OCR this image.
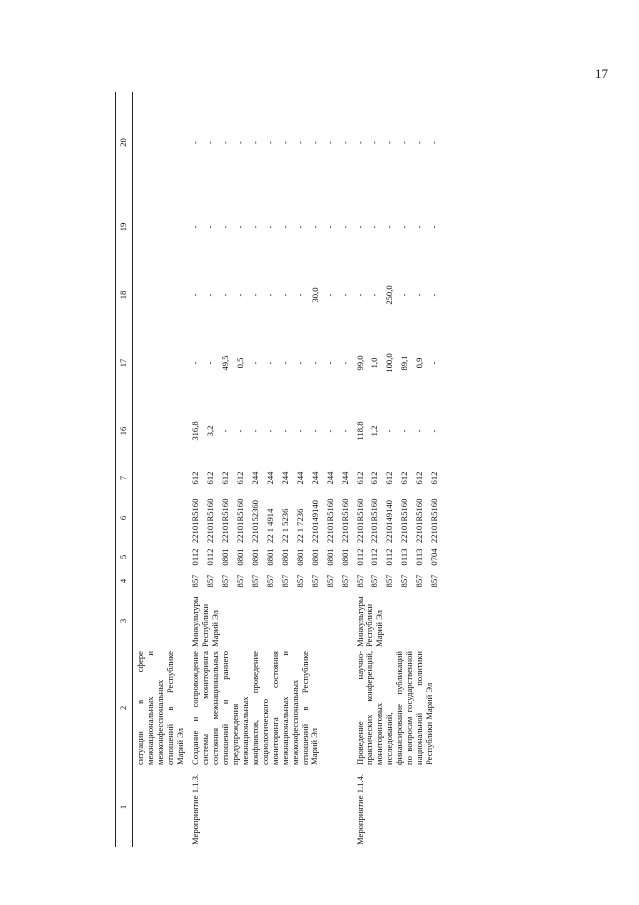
17
1	2	3	4	5	6	7	16	17	18	19	20
	ситуации в сфере межнациональных и межконфессиональных отношений в Республике Марий Эл										
Мероприятие 1.1.3.	Создание и сопровождение системы мониторинга состояния межнациональных отношений и раннего предупреждения межнациональных конфликтов, проведение социологического мониторинга состояния межнациональных и межконфессиональных отношений в Республике Марий Эл	Минкультуры Республики Марий Эл	857	0112	22101R5160	612	316,8	-	-	-	-
			857	0112	22101R5160	612	3,2	-	-	-	-
			857	0801	22101R5160	612	-	49,5	-	-	-
			857	0801	22101R5160	612	-	0,5	-	-	-
			857	0801	2210152360	244	-	-	-	-	-
			857	0801	22 1 4914	244	-	-	-	-	-
			857	0801	22 1 5236	244	-	-	-	-	-
			857	0801	22 1 7236	244	-	-	-	-	-
			857	0801	2210149140	244	-	-	30,0	-	-
			857	0801	22101R5160	244	-	-	-	-	-
			857	0801	22101R5160	244	-	-	-	-	-
Мероприятие 1.1.4.	Проведение научно-практических конференций, мониторинговых исследований, финансирование публикаций по вопросам государственной национальной политики Республики Марий Эл	Минкультуры Республики Марий Эл	857	0112	22101R5160	612	118,8	99,0	-	-	-
			857	0112	22101R5160	612	1,2	1,0	-	-	-
			857	0112	2210149140	612	-	100,0	250,0	-	-
			857	0113	22101R5160	612	-	89,1	-	-	-
			857	0113	22101R5160	612	-	0,9	-	-	-
			857	0704	22101R5160	612	-	-	-	-	-
